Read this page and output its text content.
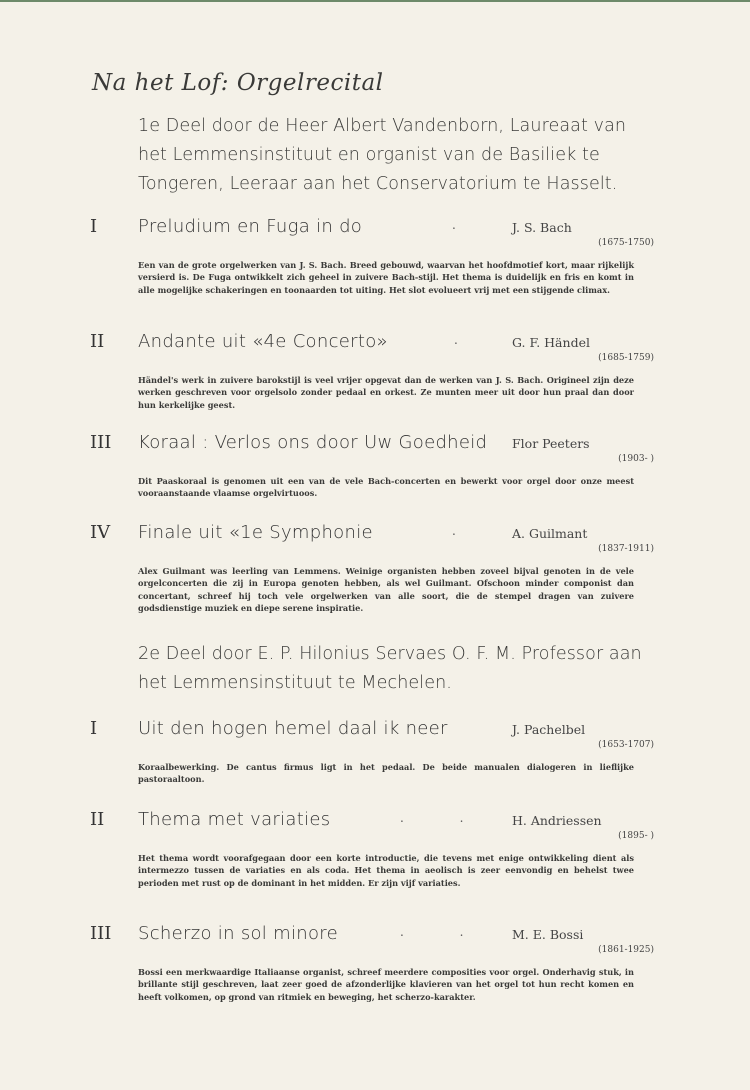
Na het Lof: Orgelrecital
1e Deel door de Heer Albert Vandenborn, Laureaat van het Lemmensinstituut en organist van de Basiliek te Tongeren, Leeraar aan het Conservatorium te Hasselt.
I Preludium en Fuga in do	. J. S. Bach
(1675-1750)
Een van de grote orgelwerken van J. S. Bach. Breed gebouwd, waarvan het hoofdmotief kort, maar rijkelijk versierd is. De Fuga ontwikkelt zich geheel in zuivere Bach-stijl. Het thema is duidelijk en fris en komt in alle mogelijke schakeringen en toonaarden tot uiting. Het slot evolueert vrij met een stijgende climax.
II Andante uit «4e Concerto»	. G. F. Händel
(1685-1759)
Händel's werk in zuivere barokstijl is veel vrijer opgevat dan de werken van J. S. Bach. Origineel zijn deze werken geschreven voor orgelsolo zonder pedaal en orkest. Ze munten meer uit door hun praal dan door hun kerkelijke geest.
III Koraal : Verlos ons door Uw Goedheid Flor Peeters
(1903- )
Dit Paaskoraal is genomen uit een van de vele Bach-concerten en bewerkt voor orgel door onze meest vooraanstaande vlaamse orgelvirtuoos.
IV Finale uit «1e Symphonie	. A. Guilmant
(1837-1911)
Alex Guilmant was leerling van Lemmens. Weinige organisten hebben zoveel bijval genoten in de vele orgelconcerten die zij in Europa genoten hebben, als wel Guilmant. Ofschoon minder componist dan concertant, schreef hij toch vele orgelwerken van alle soort, die de stempel dragen van zuivere godsdienstige muziek en diepe serene inspiratie.
2e Deel door E. P. Hilonius Servaes O. F. M. Professor aan het Lemmensinstituut te Mechelen.
I Uit den hogen hemel daal ik neer	J. Pachelbel
(1653-1707)
Koraalbewerking. De cantus firmus ligt in het pedaal. De beide manualen dialogeren in lieflijke pastoraaltoon.
II Thema met variaties	. . H. Andriessen
(1895- )
Het thema wordt voorafgegaan door een korte introductie, die tevens met enige ontwikkeling dient als intermezzo tussen de variaties en als coda. Het thema in aeolisch is zeer eenvondig en behelst twee perioden met rust op de dominant in het midden. Er zijn vijf variaties.
III Scherzo in sol minore	. . M. E. Bossi
(1861-1925)
Bossi een merkwaardige Italiaanse organist, schreef meerdere composities voor orgel. Onderhavig stuk, in brillante stijl geschreven, laat zeer goed de afzonderlijke klavieren van het orgel tot hun recht komen en heeft volkomen, op grond van ritmiek en beweging, het scherzo-karakter.
